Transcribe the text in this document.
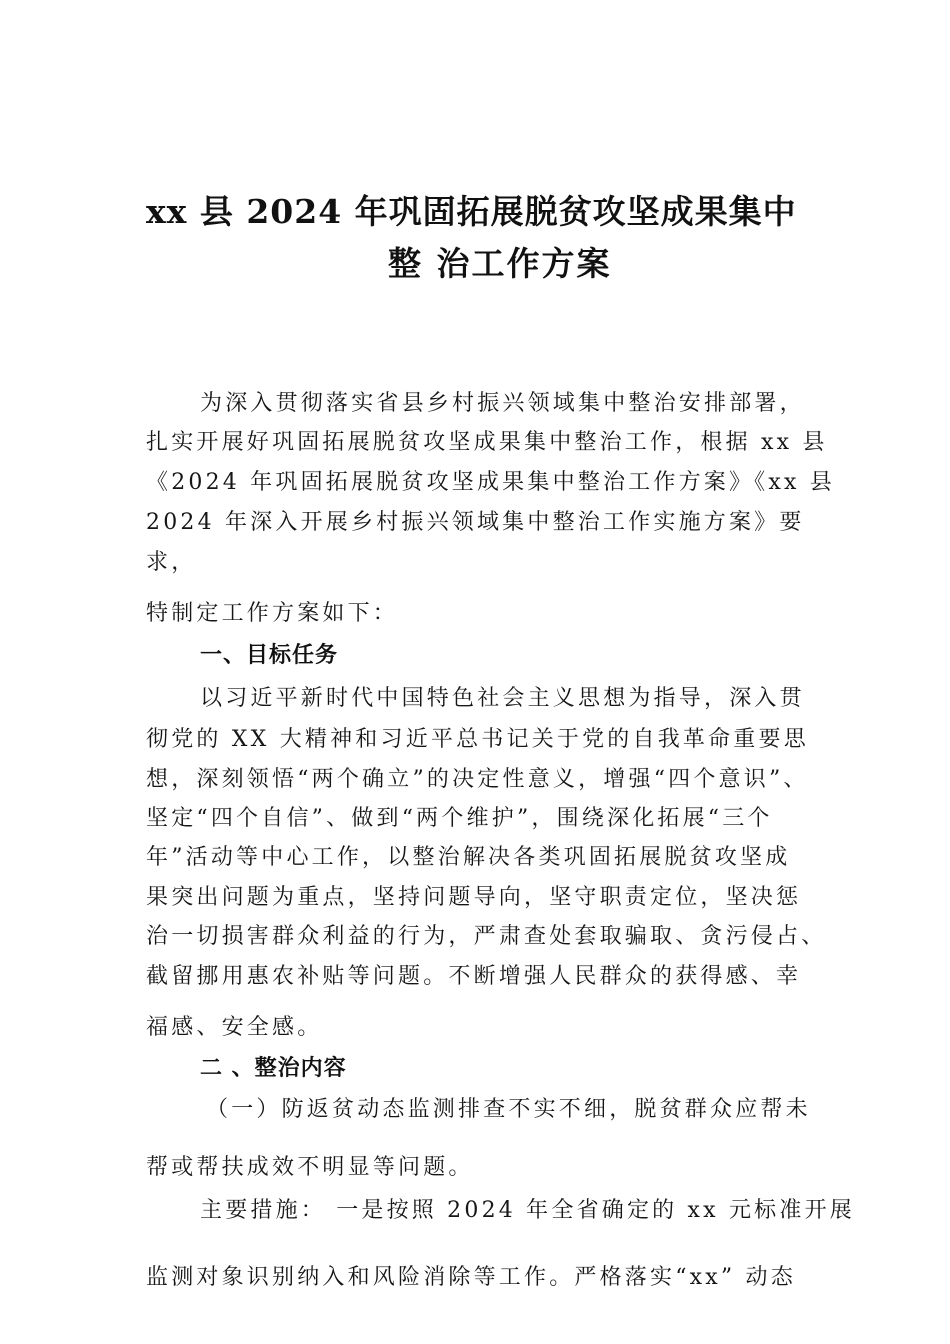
xx 县 2024 年巩固拓展脱贫攻坚成果集中
整 治工作方案
为深入贯彻落实省县乡村振兴领域集中整治安排部署，
扎实开展好巩固拓展脱贫攻坚成果集中整治工作，根据 xx 县
《2024 年巩固拓展脱贫攻坚成果集中整治工作方案》《xx 县
2024 年深入开展乡村振兴领域集中整治工作实施方案》要
求，
特制定工作方案如下：
一、目标任务
以习近平新时代中国特色社会主义思想为指导，深入贯
彻党的 XX 大精神和习近平总书记关于党的自我革命重要思
想，深刻领悟“两个确立”的决定性意义，增强“四个意识”、
坚定“四个自信”、做到“两个维护”，围绕深化拓展“三个
年”活动等中心工作，以整治解决各类巩固拓展脱贫攻坚成
果突出问题为重点，坚持问题导向，坚守职责定位，坚决惩
治一切损害群众利益的行为，严肃查处套取骗取、贪污侵占、
截留挪用惠农补贴等问题。不断增强人民群众的获得感、幸
福感、安全感。
二 、整治内容
（一）防返贫动态监测排查不实不细，脱贫群众应帮未
帮或帮扶成效不明显等问题。
主要措施： 一是按照 2024 年全省确定的 xx 元标准开展
监测对象识别纳入和风险消除等工作。严格落实“xx” 动态
